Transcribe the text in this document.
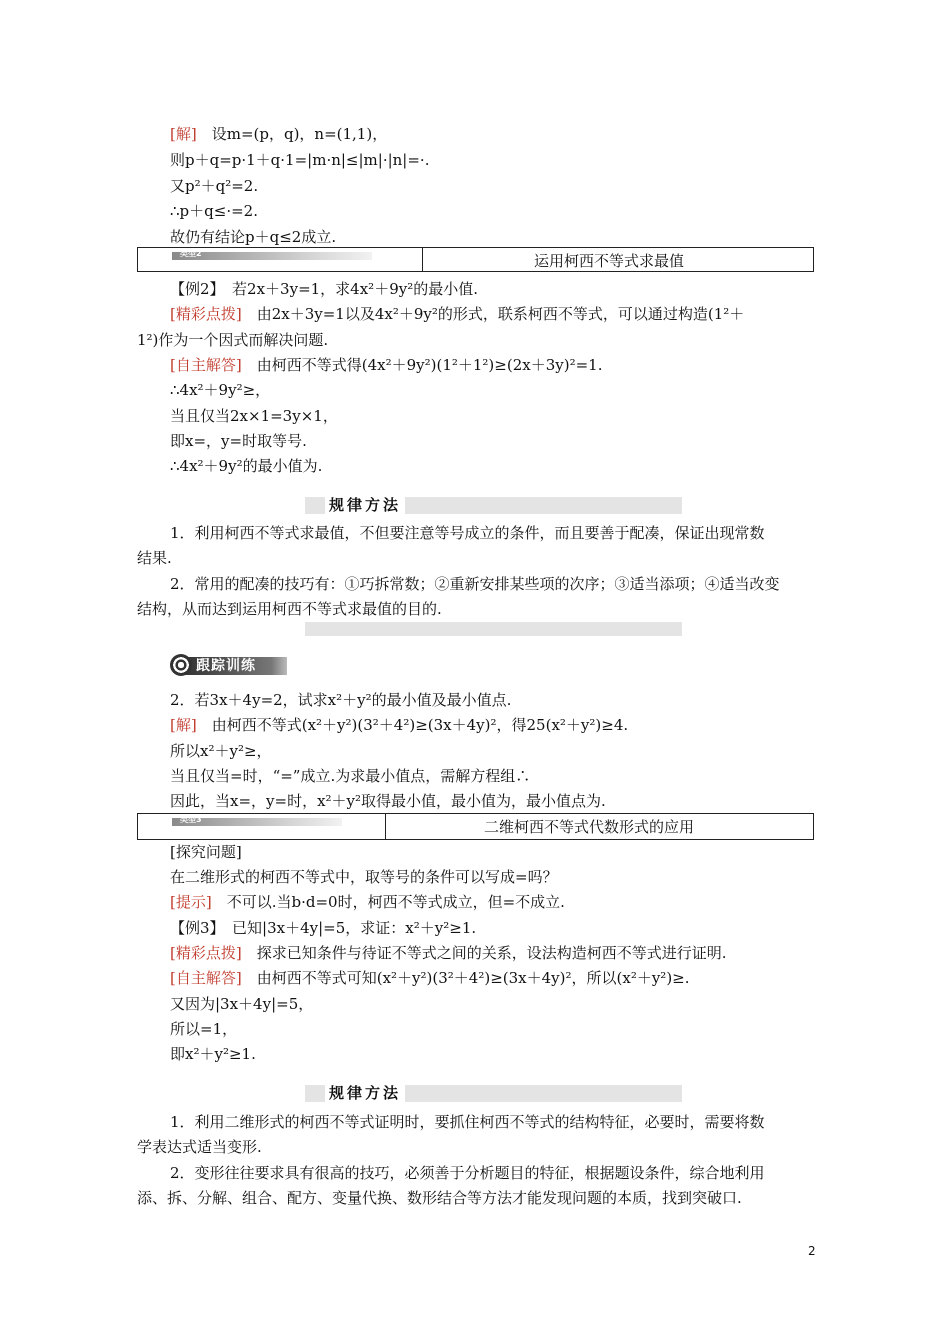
[解]　设m=(p，q)，n=(1,1)，
则p＋q=p·1＋q·1=|m·n|≤|m|·|n|=·.
又p²＋q²=2.
∴p＋q≤·=2.
故仍有结论p＋q≤2成立.
类型2	运用柯西不等式求最值
【例2】　若2x＋3y=1，求4x²＋9y²的最小值.
[精彩点拨]　由2x＋3y=1以及4x²＋9y²的形式，联系柯西不等式，可以通过构造(1²＋
1²)作为一个因式而解决问题.
[自主解答]　由柯西不等式得(4x²＋9y²)(1²＋1²)≥(2x＋3y)²=1.
∴4x²＋9y²≥，
当且仅当2x×1=3y×1，
即x=，y=时取等号.
∴4x²＋9y²的最小值为.
规律方法
1．利用柯西不等式求最值，不但要注意等号成立的条件，而且要善于配凑，保证出现常数
结果.
2．常用的配凑的技巧有：①巧拆常数；②重新安排某些项的次序；③适当添项；④适当改变
结构，从而达到运用柯西不等式求最值的目的.
跟踪训练
2．若3x＋4y=2，试求x²＋y²的最小值及最小值点.
[解]　由柯西不等式(x²＋y²)(3²＋4²)≥(3x＋4y)²，得25(x²＋y²)≥4.
所以x²＋y²≥，
当且仅当=时，“=”成立.为求最小值点，需解方程组∴
因此，当x=，y=时，x²＋y²取得最小值，最小值为，最小值点为.
类型3	二维柯西不等式代数形式的应用
[探究问题]
在二维形式的柯西不等式中，取等号的条件可以写成=吗？
[提示]　不可以.当b·d=0时，柯西不等式成立，但=不成立.
【例3】　已知|3x＋4y|=5，求证：x²＋y²≥1.
[精彩点拨]　探求已知条件与待证不等式之间的关系，设法构造柯西不等式进行证明.
[自主解答]　由柯西不等式可知(x²＋y²)(3²＋4²)≥(3x＋4y)²，所以(x²＋y²)≥.
又因为|3x＋4y|=5，
所以=1，
即x²＋y²≥1.
规律方法
1．利用二维形式的柯西不等式证明时，要抓住柯西不等式的结构特征，必要时，需要将数
学表达式适当变形.
2．变形往往要求具有很高的技巧，必须善于分析题目的特征，根据题设条件，综合地利用
添、拆、分解、组合、配方、变量代换、数形结合等方法才能发现问题的本质，找到突破口.
2
